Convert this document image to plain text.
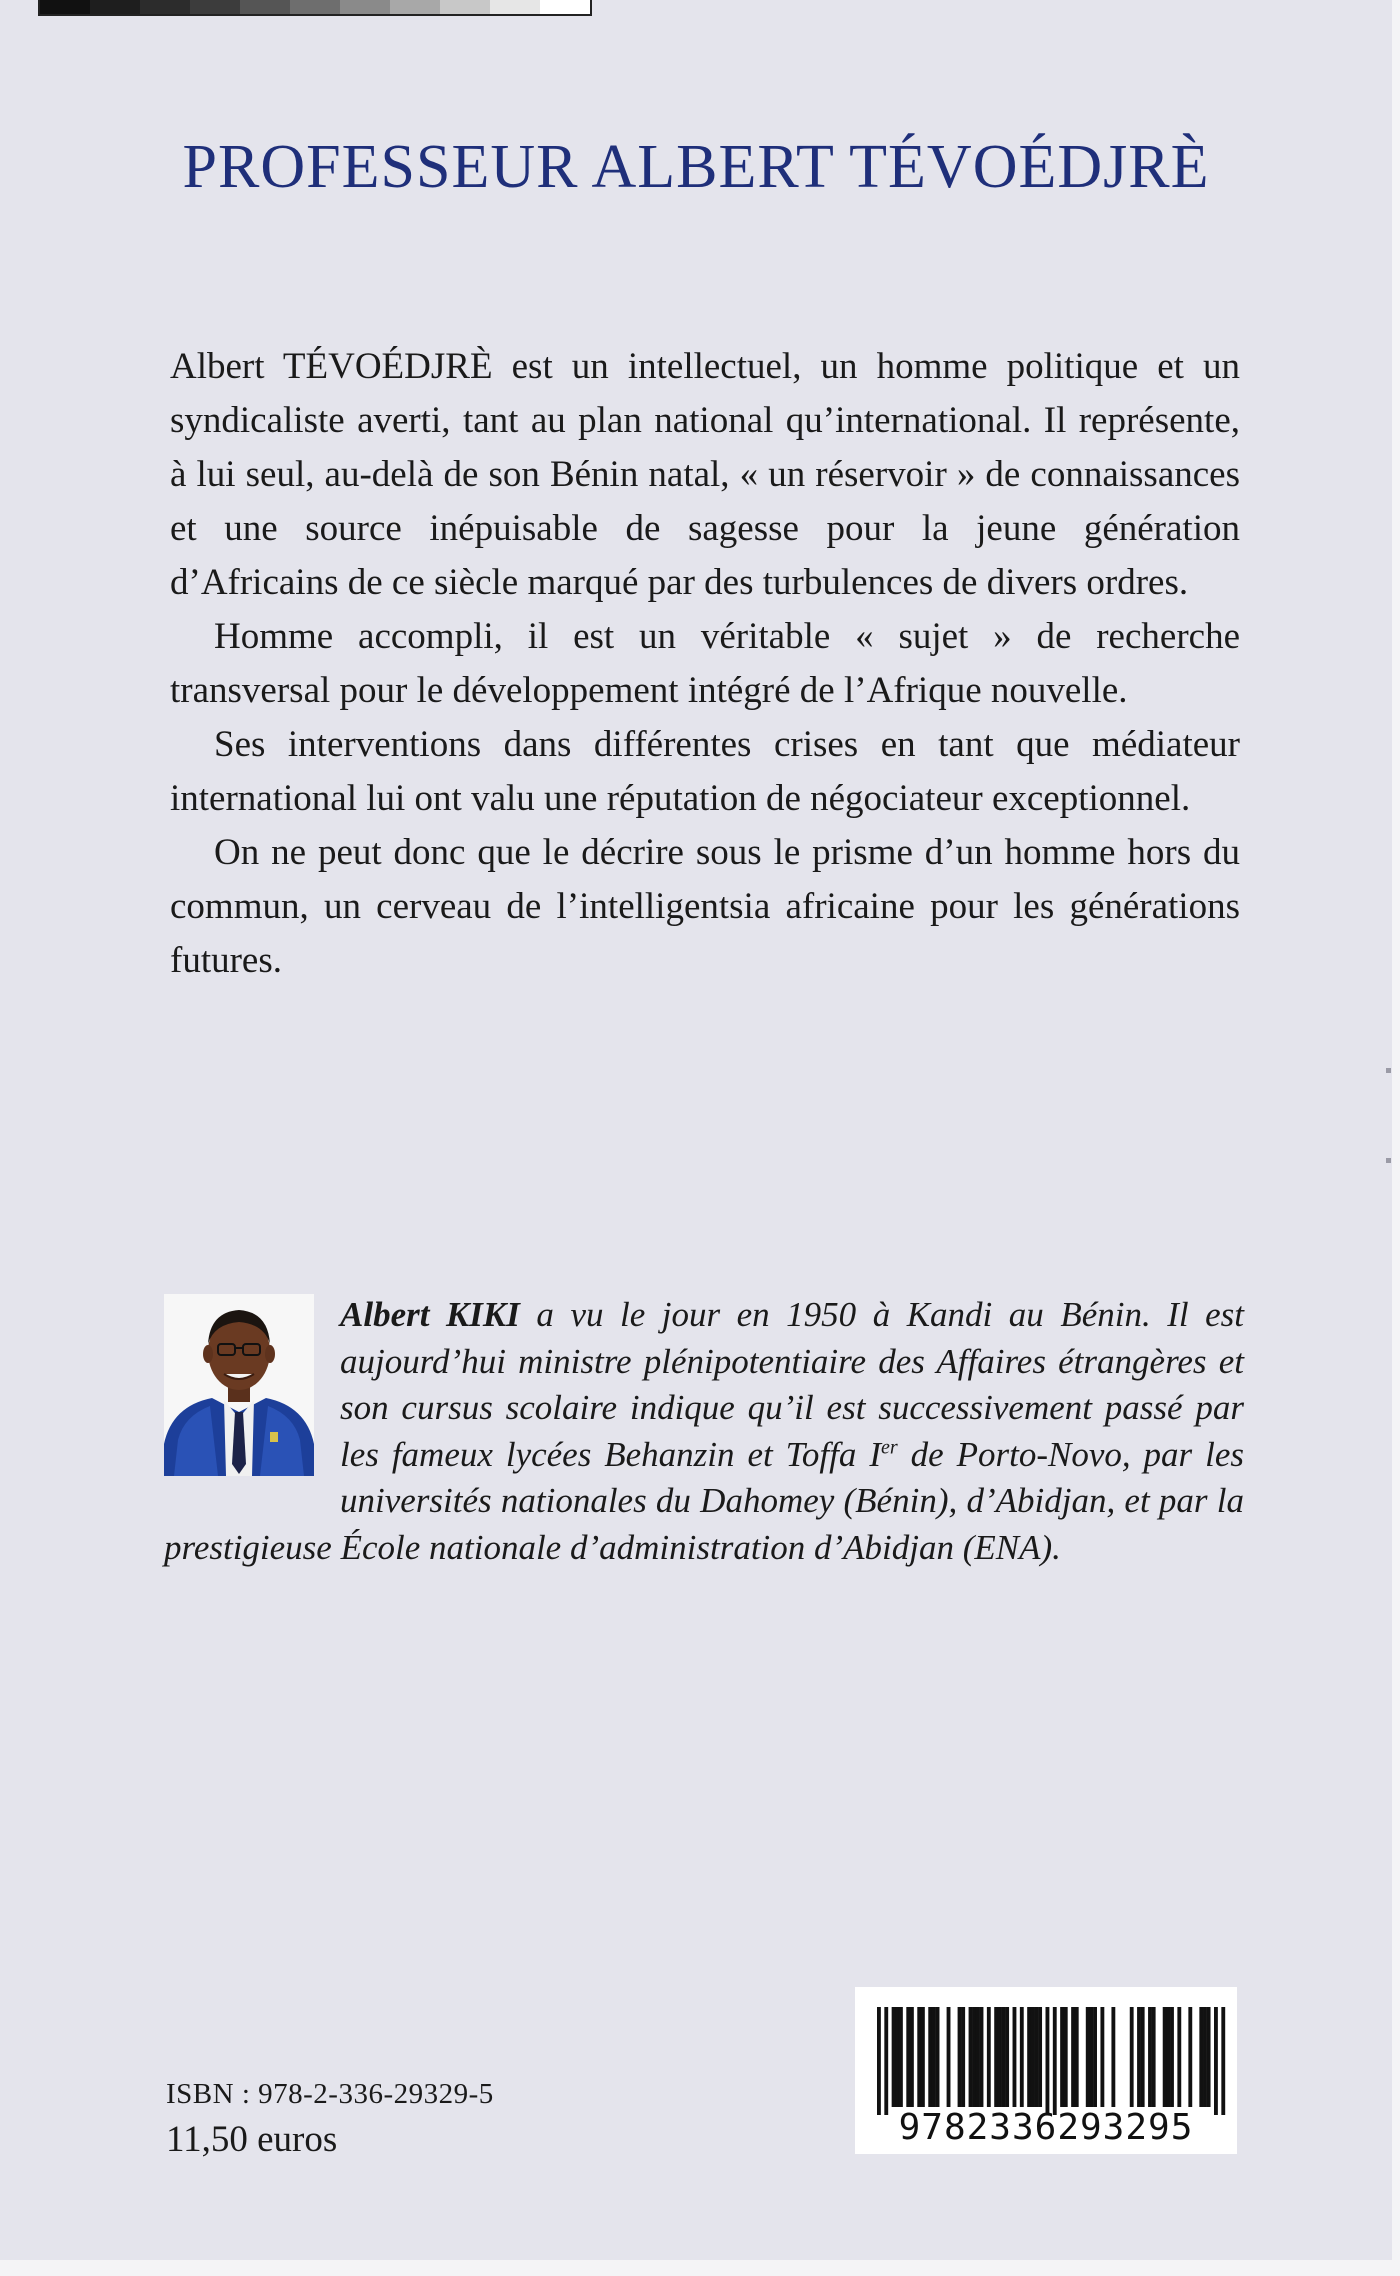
PROFESSEUR ALBERT TÉVOÉDJRÈ

Albert TÉVOÉDJRÈ est un intellectuel, un homme politique et un syndicaliste averti, tant au plan national qu’international. Il représente, à lui seul, au-delà de son Bénin natal, « un réservoir » de connaissances et une source inépuisable de sagesse pour la jeune génération d’Africains de ce siècle marqué par des turbulences de divers ordres.

Homme accompli, il est un véritable « sujet » de recherche transversal pour le développement intégré de l’Afrique nouvelle.

Ses interventions dans différentes crises en tant que médiateur international lui ont valu une réputation de négociateur exceptionnel.

On ne peut donc que le décrire sous le prisme d’un homme hors du commun, un cerveau de l’intelligentsia africaine pour les générations futures.

Albert KIKI a vu le jour en 1950 à Kandi au Bénin. Il est aujourd’hui ministre plénipotentiaire des Affaires étrangères et son cursus scolaire indique qu’il est successivement passé par les fameux lycées Behanzin et Toffa Ier de Porto-Novo, par les universités nationales du Dahomey (Bénin), d’Abidjan, et par la prestigieuse École nationale d’administration d’Abidjan (ENA).
ISBN : 978-2-336-29329-5
11,50 euros	9782336293295
